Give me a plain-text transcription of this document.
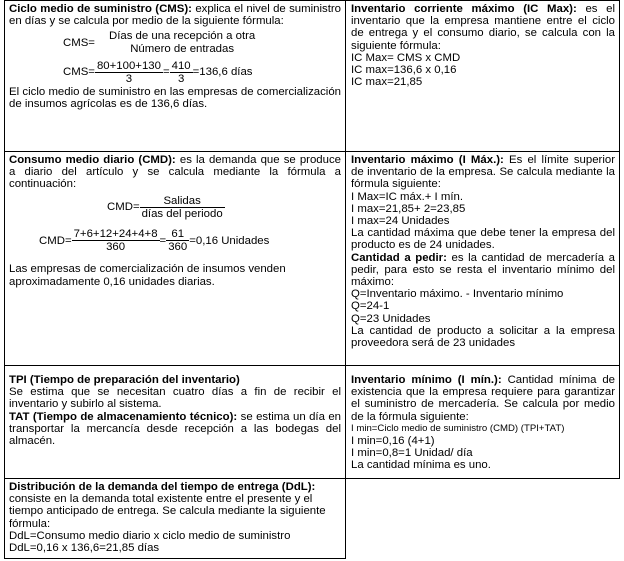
Ciclo medio de suministro (CMS): explica el nivel de suministro en días y se calcula por medio de la siguiente fórmula:
CMS=
Días de una recepción a otra
Número de entradas
$CMS= \frac{80+100+130}{3} = \frac{410}{3} =136,6$ días
El ciclo medio de suministro en las empresas de comercialización de insumos agrícolas es de 136,6 días.
Inventario corriente máximo (IC Max): es el inventario que la empresa mantiene entre el ciclo de entrega y el consumo diario, se calcula con la siguiente fórmula:
IC Max= CMS x CMD
IC max=136,6 x 0,16
IC max=21,85
Consumo medio diario (CMD): es la demanda que se produce a diario del artículo y se calcula mediante la fórmula a continuación:
$CMD= \frac{\text{Salidas}}{\text{días del periodo}}$
$CMD= \frac{7+6+12+24+4+8}{360} = \frac{61}{360} =0,16$ Unidades
Las empresas de comercialización de insumos venden aproximadamente 0,16 unidades diarias.
Inventario máximo (I Máx.): Es el límite superior de inventario de la empresa. Se calcula mediante la fórmula siguiente:
I Max=IC máx.+ I mín.
I max=21,85+ 2=23,85
I max=24 Unidades
La cantidad máxima que debe tener la empresa del producto es de 24 unidades.
Cantidad a pedir: es la cantidad de mercadería a pedir, para esto se resta el inventario mínimo del máximo:
Q=Inventario máximo. - Inventario mínimo
Q=24-1
Q=23 Unidades
La cantidad de producto a solicitar a la empresa proveedora será de 23 unidades
TPI (Tiempo de preparación del inventario)
Se estima que se necesitan cuatro días a fin de recibir el inventario y subirlo al sistema.
TAT (Tiempo de almacenamiento técnico): se estima un día en transportar la mercancía desde recepción a las bodegas del almacén.
Inventario mínimo (I mín.): Cantidad mínima de existencia que la empresa requiere para garantizar el suministro de mercadería. Se calcula por medio de la fórmula siguiente:
I min=Ciclo medio de suministro (CMD) (TPI+TAT)
I min=0,16 (4+1)
I min=0,8=1 Unidad/ día
La cantidad mínima es uno.
Distribución de la demanda del tiempo de entrega (DdL): consiste en la demanda total existente entre el presente y el tiempo anticipado de entrega. Se calcula mediante la siguiente fórmula:
DdL=Consumo medio diario x ciclo medio de suministro
DdL=0,16 x 136,6=21,85 días
